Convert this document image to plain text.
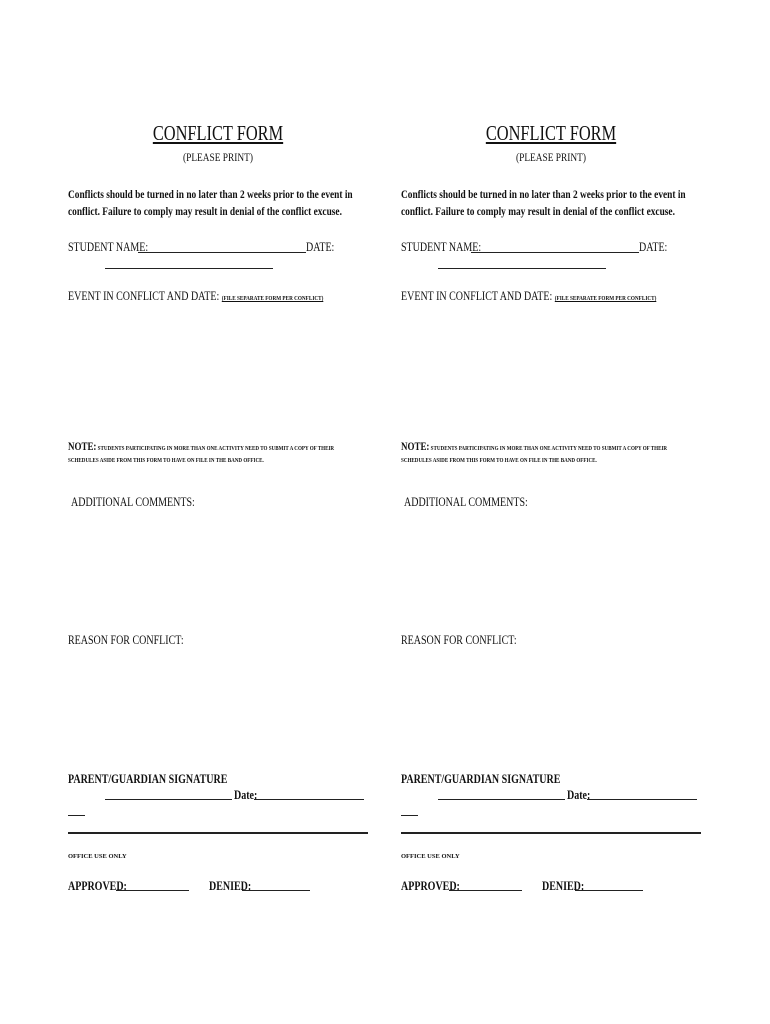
CONFLICT FORM
(PLEASE PRINT)
Conflicts should be turned in no later than 2 weeks prior to the event in conflict. Failure to comply may result in denial of the conflict excuse.
STUDENT NAME:	DATE:
EVENT IN CONFLICT AND DATE: (FILE SEPARATE FORM PER CONFLICT)
NOTE: STUDENTS PARTICIPATING IN MORE THAN ONE ACTIVITY NEED TO SUBMIT A COPY OF THEIR SCHEDULES ASIDE FROM THIS FORM TO HAVE ON FILE IN THE BAND OFFICE.
ADDITIONAL COMMENTS:
REASON FOR CONFLICT:
PARENT/GUARDIAN SIGNATURE
Date:
OFFICE USE ONLY
APPROVED:	DENIED:
CONFLICT FORM
(PLEASE PRINT)
Conflicts should be turned in no later than 2 weeks prior to the event in conflict. Failure to comply may result in denial of the conflict excuse.
STUDENT NAME:	DATE:
EVENT IN CONFLICT AND DATE: (FILE SEPARATE FORM PER CONFLICT)
NOTE: STUDENTS PARTICIPATING IN MORE THAN ONE ACTIVITY NEED TO SUBMIT A COPY OF THEIR SCHEDULES ASIDE FROM THIS FORM TO HAVE ON FILE IN THE BAND OFFICE.
ADDITIONAL COMMENTS:
REASON FOR CONFLICT:
PARENT/GUARDIAN SIGNATURE
Date:
OFFICE USE ONLY
APPROVED:	DENIED:
